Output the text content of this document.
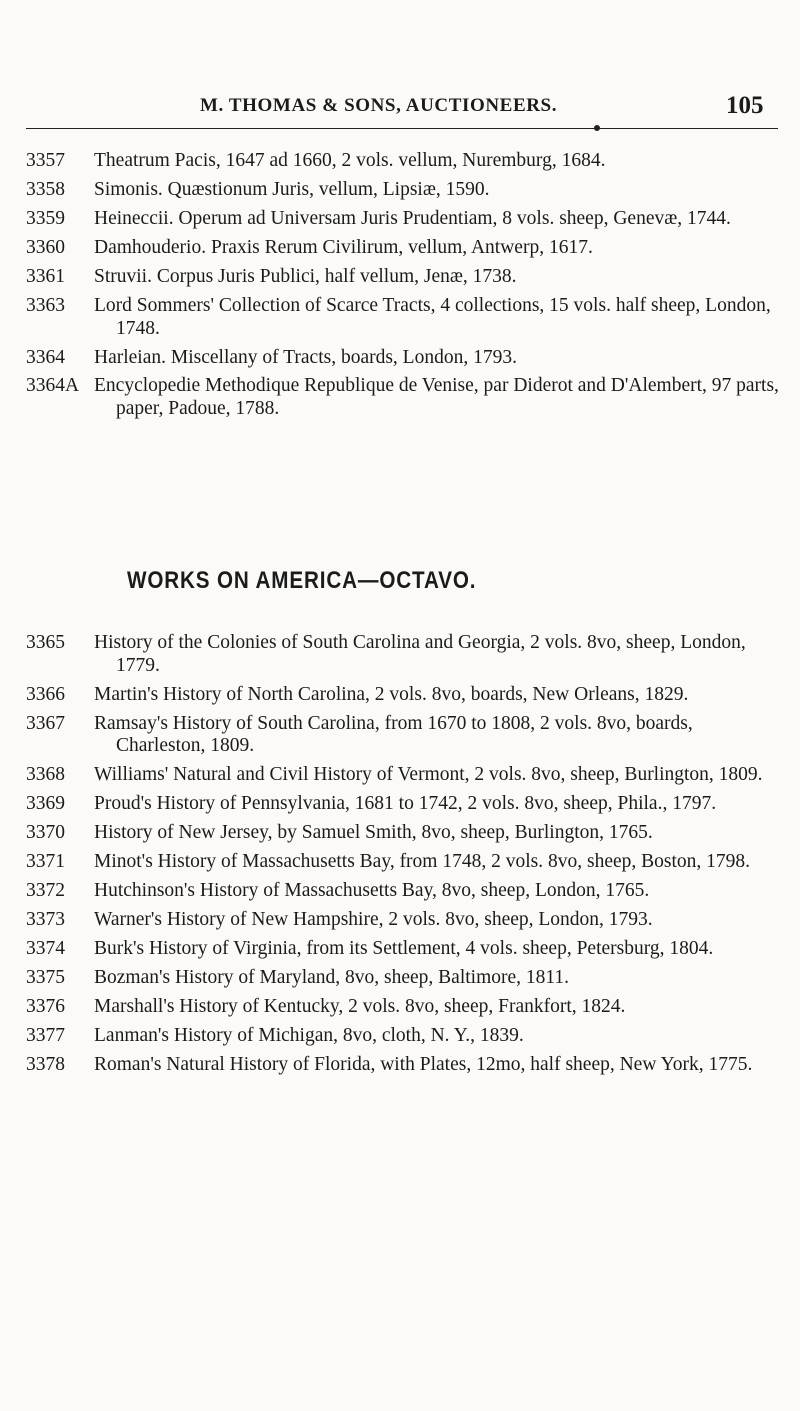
M. THOMAS & SONS, AUCTIONEERS.	105
3357	Theatrum Pacis, 1647 ad 1660, 2 vols. vellum, Nuremburg, 1684.
3358	Simonis. Quæstionum Juris, vellum, Lipsiæ, 1590.
3359	Heineccii. Operum ad Universam Juris Prudentiam, 8 vols. sheep, Genevæ, 1744.
3360	Damhouderio. Praxis Rerum Civilirum, vellum, Antwerp, 1617.
3361	Struvii. Corpus Juris Publici, half vellum, Jenæ, 1738.
3363	Lord Sommers' Collection of Scarce Tracts, 4 collections, 15 vols. half sheep, London, 1748.
3364	Harleian. Miscellany of Tracts, boards, London, 1793.
3364A Encyclopedie Methodique Republique de Venise, par Diderot and D'Alembert, 97 parts, paper, Padoue, 1788.
WORKS ON AMERICA—OCTAVO.
3365	History of the Colonies of South Carolina and Georgia, 2 vols. 8vo, sheep, London, 1779.
3366	Martin's History of North Carolina, 2 vols. 8vo, boards, New Orleans, 1829.
3367	Ramsay's History of South Carolina, from 1670 to 1808, 2 vols. 8vo, boards, Charleston, 1809.
3368	Williams' Natural and Civil History of Vermont, 2 vols. 8vo, sheep, Burlington, 1809.
3369	Proud's History of Pennsylvania, 1681 to 1742, 2 vols. 8vo, sheep, Phila., 1797.
3370	History of New Jersey, by Samuel Smith, 8vo, sheep, Burlington, 1765.
3371	Minot's History of Massachusetts Bay, from 1748, 2 vols. 8vo, sheep, Boston, 1798.
3372	Hutchinson's History of Massachusetts Bay, 8vo, sheep, London, 1765.
3373	Warner's History of New Hampshire, 2 vols. 8vo, sheep, London, 1793.
3374	Burk's History of Virginia, from its Settlement, 4 vols. sheep, Petersburg, 1804.
3375	Bozman's History of Maryland, 8vo, sheep, Baltimore, 1811.
3376	Marshall's History of Kentucky, 2 vols. 8vo, sheep, Frankfort, 1824.
3377	Lanman's History of Michigan, 8vo, cloth, N. Y., 1839.
3378	Roman's Natural History of Florida, with Plates, 12mo, half sheep, New York, 1775.
